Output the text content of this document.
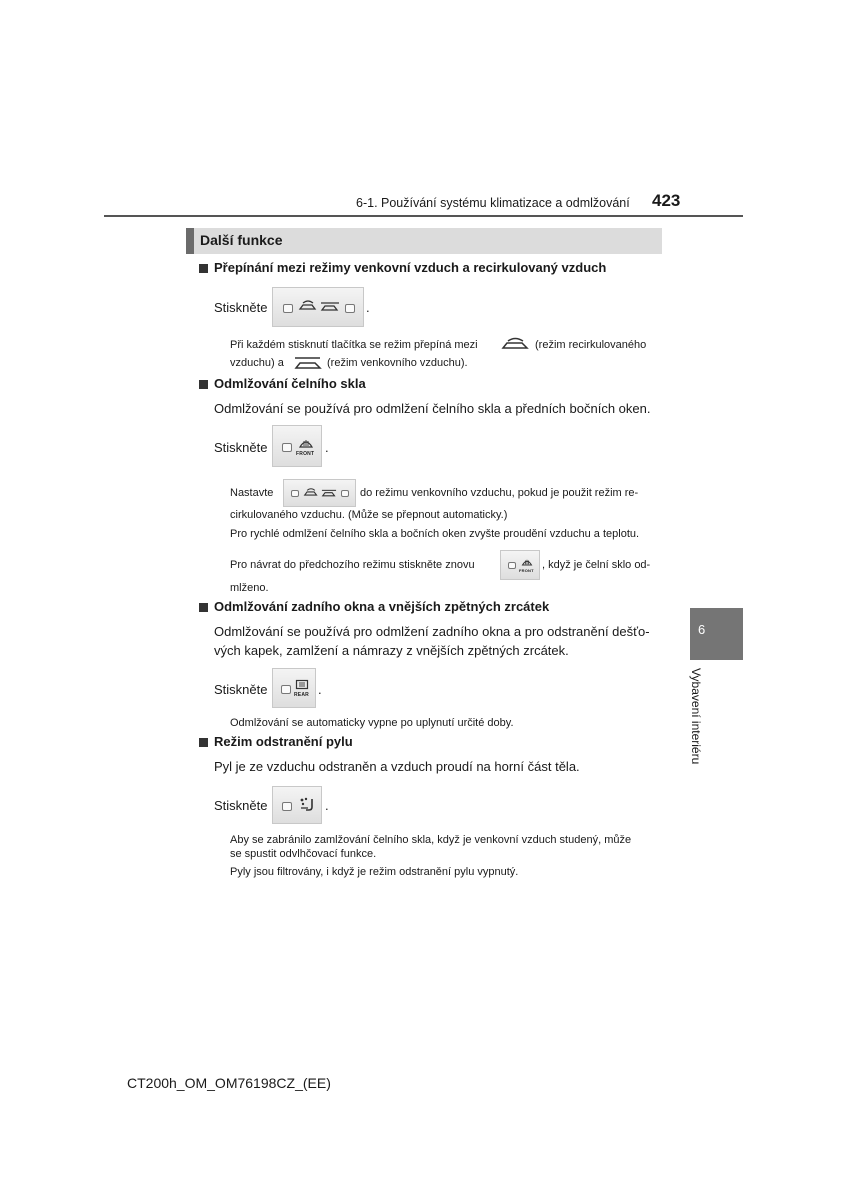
6-1. Používání systému klimatizace a odmlžování 423
Další funkce
Přepínání mezi režimy venkovní vzduch a recirkulovaný vzduch
Stiskněte	.
Při každém stisknutí tlačítka se režim přepíná mezi	(režim recirkulovaného
vzduchu) a	(režim venkovního vzduchu).
Odmlžování čelního skla
Odmlžování se používá pro odmlžení čelního skla a předních bočních oken.
Stiskněte	FRONT .
Nastavte	do režimu venkovního vzduchu, pokud je použit režim re-
cirkulovaného vzduchu. (Může se přepnout automaticky.)
Pro rychlé odmlžení čelního skla a bočních oken zvyšte proudění vzduchu a teplotu.
Pro návrat do předchozího režimu stiskněte znovu	FRONT , když je čelní sklo od-
mlženo.
Odmlžování zadního okna a vnějších zpětných zrcátek
Odmlžování se používá pro odmlžení zadního okna a pro odstranění dešťo-
vých kapek, zamlžení a námrazy z vnějších zpětných zrcátek.
Stiskněte	REAR .
Odmlžování se automaticky vypne po uplynutí určité doby.
Režim odstranění pylu
Pyl je ze vzduchu odstraněn a vzduch proudí na horní část těla.
Stiskněte	.
Aby se zabránilo zamlžování čelního skla, když je venkovní vzduch studený, může
se spustit odvlhčovací funkce.
Pyly jsou filtrovány, i když je režim odstranění pylu vypnutý.
6
Vybavení interiéru
CT200h_OM_OM76198CZ_(EE)
